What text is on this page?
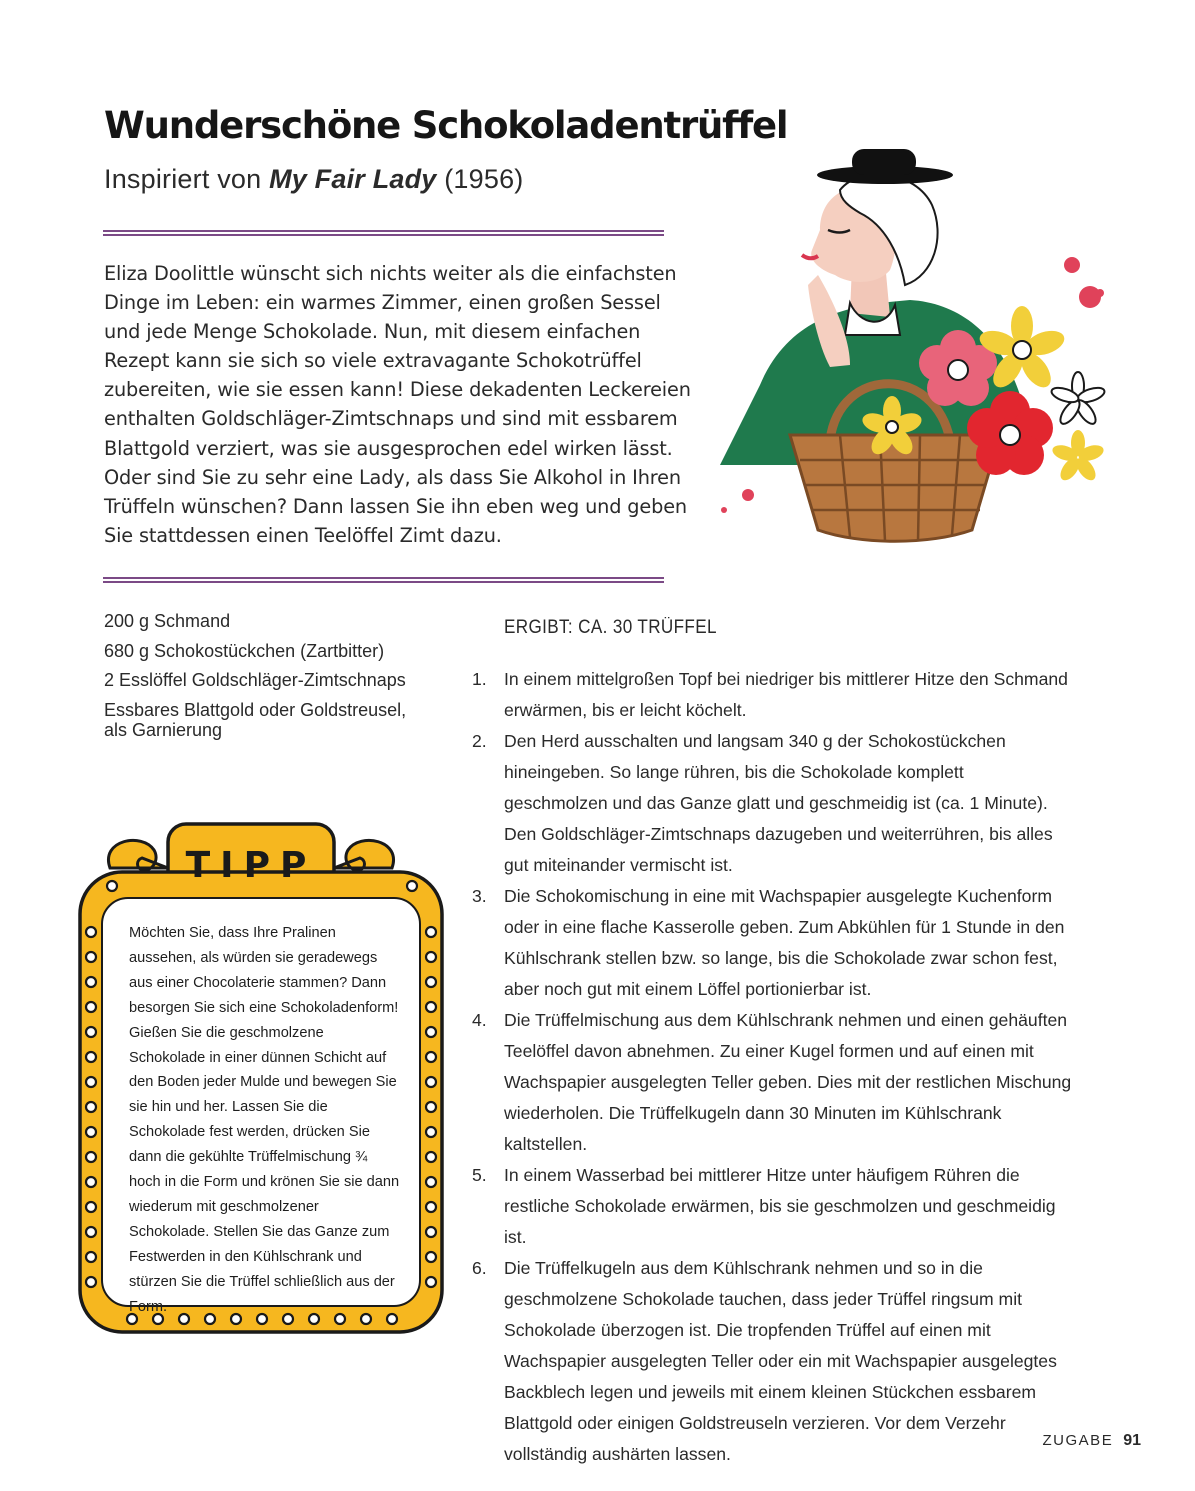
Wunderschöne Schokoladentrüffel

Inspiriert von My Fair Lady (1956)

Eliza Doolittle wünscht sich nichts weiter als die einfachsten Dinge im Leben: ein warmes Zimmer, einen großen Sessel und jede Menge Schokolade. Nun, mit diesem einfachen Rezept kann sie sich so viele extravagante Schokotrüffel zubereiten, wie sie essen kann! Diese dekadenten Leckereien enthalten Goldschläger-Zimtschnaps und sind mit essbarem Blattgold verziert, was sie ausgesprochen edel wirken lässt. Oder sind Sie zu sehr eine Lady, als dass Sie Alkohol in Ihren Trüffeln wünschen? Dann lassen Sie ihn eben weg und geben Sie stattdessen einen Teelöffel Zimt dazu.

200 g Schmand
680 g Schokostückchen (Zartbitter)
2 Esslöffel Goldschläger-Zimtschnaps
Essbares Blattgold oder Goldstreusel, als Garnierung

ERGIBT: CA. 30 TRÜFFEL

1. In einem mittelgroßen Topf bei niedriger bis mittlerer Hitze den Schmand erwärmen, bis er leicht köchelt.
2. Den Herd ausschalten und langsam 340 g der Schokostückchen hineingeben. So lange rühren, bis die Schokolade komplett geschmolzen und das Ganze glatt und geschmeidig ist (ca. 1 Minute). Den Goldschläger-Zimtschnaps dazugeben und weiterrühren, bis alles gut miteinander vermischt ist.
3. Die Schokomischung in eine mit Wachspapier ausgelegte Kuchenform oder in eine flache Kasserolle geben. Zum Abkühlen für 1 Stunde in den Kühlschrank stellen bzw. so lange, bis die Schokolade zwar schon fest, aber noch gut mit einem Löffel portionierbar ist.
4. Die Trüffelmischung aus dem Kühlschrank nehmen und einen gehäuften Teelöffel davon abnehmen. Zu einer Kugel formen und auf einen mit Wachspapier ausgelegten Teller geben. Dies mit der restlichen Mischung wiederholen. Die Trüffelkugeln dann 30 Minuten im Kühlschrank kaltstellen.
5. In einem Wasserbad bei mittlerer Hitze unter häufigem Rühren die restliche Schokolade erwärmen, bis sie geschmolzen und geschmeidig ist.
6. Die Trüffelkugeln aus dem Kühlschrank nehmen und so in die geschmolzene Schokolade tauchen, dass jeder Trüffel ringsum mit Schokolade überzogen ist. Die tropfenden Trüffel auf einen mit Wachspapier ausgelegten Teller oder ein mit Wachspapier ausgelegtes Backblech legen und jeweils mit einem kleinen Stückchen essbarem Blattgold oder einigen Goldstreuseln verzieren. Vor dem Verzehr vollständig aushärten lassen.
TIPP

Möchten Sie, dass Ihre Pralinen aussehen, als würden sie geradewegs aus einer Chocolaterie stammen? Dann besorgen Sie sich eine Schokoladenform! Gießen Sie die geschmolzene Schokolade in einer dünnen Schicht auf den Boden jeder Mulde und bewegen Sie sie hin und her. Lassen Sie die Schokolade fest werden, drücken Sie dann die gekühlte Trüffelmischung ¾ hoch in die Form und krönen Sie sie dann wiederum mit geschmolzener Schokolade. Stellen Sie das Ganze zum Festwerden in den Kühlschrank und stürzen Sie die Trüffel schließlich aus der Form.

ZUGABE 91
